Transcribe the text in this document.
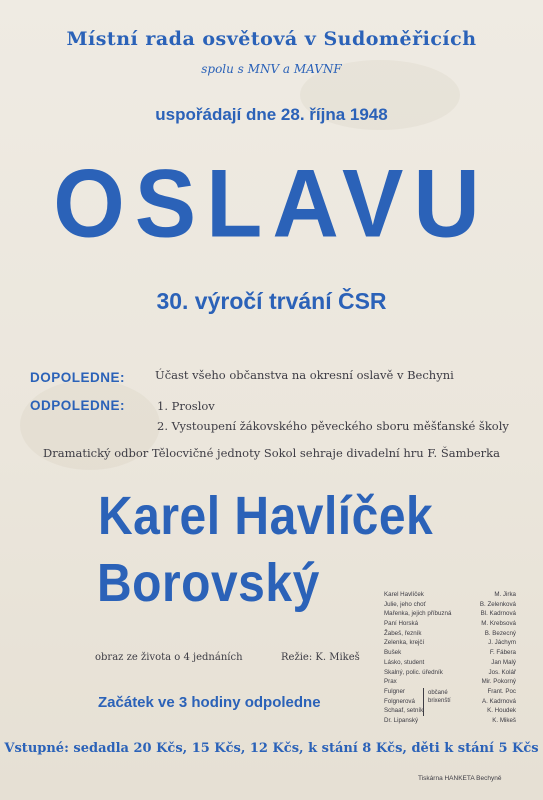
Místní rada osvětová v Sudoměřicích
spolu s MNV a MAVNF
uspořádají dne 28. října 1948
OSLAVU
30. výročí trvání ČSR
DOPOLEDNE:	Účast všeho občanstva na okresní oslavě v Bechyni
ODPOLEDNE:	1. Proslov
2. Vystoupení žákovského pěveckého sboru měšťanské školy
Dramatický odbor Tělocvičné jednoty Sokol sehraje divadelní hru F. Šamberka
Karel Havlíček
Borovský
obraz ze života o 4 jednáních	Režie: K. Mikeš
Karel Havlíček	M. Jirka
Julie, jeho choť	B. Zelenková
Mařenka, jejich příbuzná	Bl. Kadrnová
Paní Horská	M. Krebsová
Žabeš, řezník	B. Bezecný
Zelenka, krejčí	J. Jáchym
Bušek	F. Fábera
Lásko, student	Jan Malý
Skalný, polic. úředník	Jos. Kolář
Prax	Mir. Pokorný
Fulgner	Frant. Poc
Folgnerová	A. Kadrnová
Schaaf, setník	K. Houdek
Dr. Lipanský	K. Mikeš
občané brixenští
Začátek ve 3 hodiny odpoledne
Vstupné: sedadla 20 Kčs, 15 Kčs, 12 Kčs, k stání 8 Kčs, děti k stání 5 Kčs
Tiskárna HANKETA Bechyně
